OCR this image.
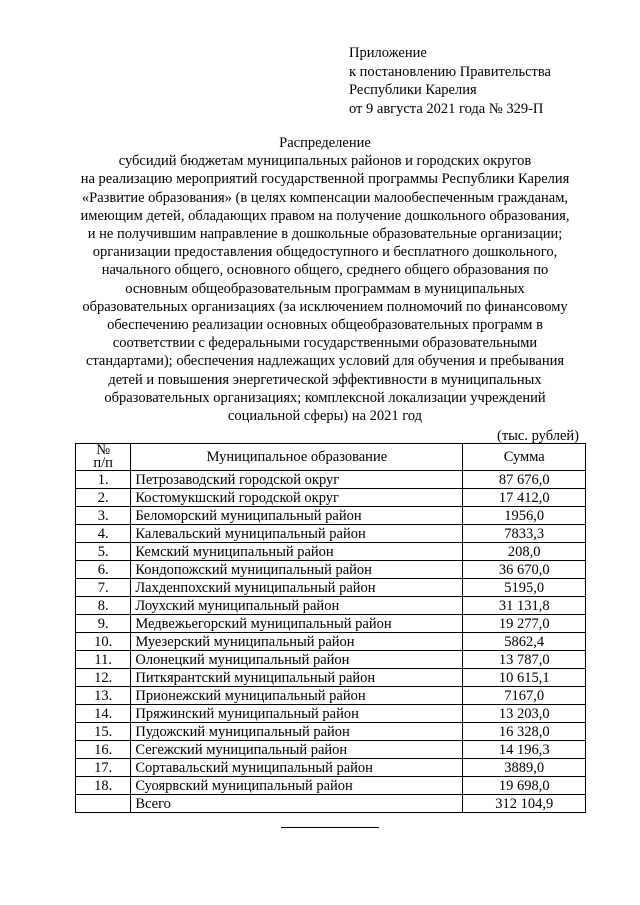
Приложение
к постановлению Правительства
Республики Карелия
от 9 августа 2021 года № 329-П
Распределение
субсидий бюджетам муниципальных районов и городских округов
на реализацию мероприятий государственной программы Республики Карелия
«Развитие образования» (в целях компенсации малообеспеченным гражданам,
имеющим детей, обладающих правом на получение дошкольного образования,
и не получившим направление в дошкольные образовательные организации;
организации предоставления общедоступного и бесплатного дошкольного,
начального общего, основного общего, среднего общего образования по
основным общеобразовательным программам в муниципальных
образовательных организациях (за исключением полномочий по финансовому
обеспечению реализации основных общеобразовательных программ в
соответствии с федеральными государственными образовательными
стандартами); обеспечения надлежащих условий для обучения и пребывания
детей и повышения энергетической эффективности в муниципальных
образовательных организациях; комплексной локализации учреждений
социальной сферы) на 2021 год
(тыс. рублей)
№
п/п	Муниципальное образование	Сумма
1.	Петрозаводский городской округ	87 676,0
2.	Костомукшский городской округ	17 412,0
3.	Беломорский муниципальный район	1956,0
4.	Калевальский муниципальный район	7833,3
5.	Кемский муниципальный район	208,0
6.	Кондопожский муниципальный район	36 670,0
7.	Лахденпохский муниципальный район	5195,0
8.	Лоухский муниципальный район	31 131,8
9.	Медвежьегорский муниципальный район	19 277,0
10.	Муезерский муниципальный район	5862,4
11.	Олонецкий муниципальный район	13 787,0
12.	Питкярантский муниципальный район	10 615,1
13.	Прионежский муниципальный район	7167,0
14.	Пряжинский муниципальный район	13 203,0
15.	Пудожский муниципальный район	16 328,0
16.	Сегежский муниципальный район	14 196,3
17.	Сортавальский муниципальный район	3889,0
18.	Суоярвский муниципальный район	19 698,0
	Всего	312 104,9
